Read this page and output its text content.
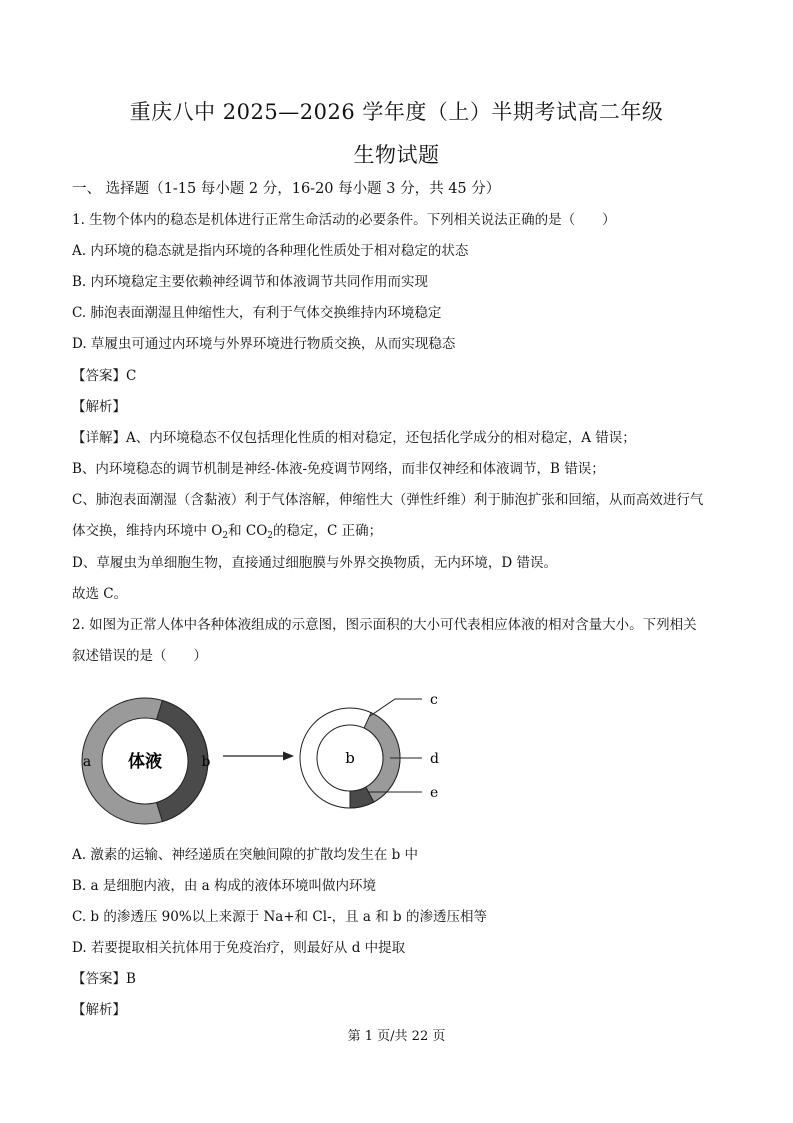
重庆八中 2025—2026 学年度（上）半期考试高二年级
生物试题
一、 选择题（1-15 每小题 2 分，16-20 每小题 3 分，共 45 分）
1. 生物个体内的稳态是机体进行正常生命活动的必要条件。下列相关说法正确的是（　　）
A. 内环境的稳态就是指内环境的各种理化性质处于相对稳定的状态
B. 内环境稳定主要依赖神经调节和体液调节共同作用而实现
C. 肺泡表面潮湿且伸缩性大，有利于气体交换维持内环境稳定
D. 草履虫可通过内环境与外界环境进行物质交换，从而实现稳态
【答案】C
【解析】
【详解】A、内环境稳态不仅包括理化性质的相对稳定，还包括化学成分的相对稳定，A 错误；
B、内环境稳态的调节机制是神经-体液-免疫调节网络，而非仅神经和体液调节，B 错误；
C、肺泡表面潮湿（含黏液）利于气体溶解，伸缩性大（弹性纤维）利于肺泡扩张和回缩，从而高效进行气
体交换，维持内环境中 $O_2$和 $CO_2$的稳定，C 正确；
D、草履虫为单细胞生物，直接通过细胞膜与外界交换物质，无内环境，D 错误。
故选 C。
2. 如图为正常人体中各种体液组成的示意图，图示面积的大小可代表相应体液的相对含量大小。下列相关
叙述错误的是（　　）
体液
a	b	b
c
d
e
A. 激素的运输、神经递质在突触间隙的扩散均发生在 b 中
B. a 是细胞内液，由 a 构成的液体环境叫做内环境
C. b 的渗透压 90%以上来源于 Na+和 Cl-，且 a 和 b 的渗透压相等
D. 若要提取相关抗体用于免疫治疗，则最好从 d 中提取
【答案】B
【解析】
第 1 页/共 22 页
